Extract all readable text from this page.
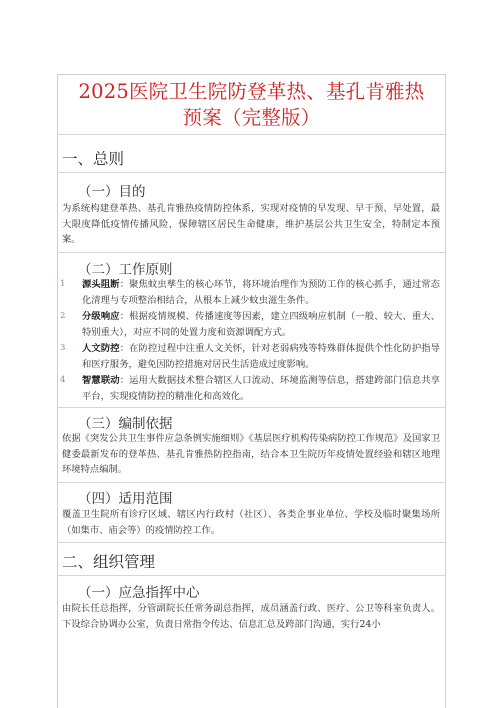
2025医院卫生院防登革热、基孔肯雅热
预案（完整版）
一、总则
（一）目的
为系统构建登革热、基孔肯雅热疫情防控体系，实现对疫情的早发现、早干预、早处置，最大限度降低疫情传播风险，保障辖区居民生命健康，维护基层公共卫生安全，特制定本预案。
（二）工作原则
1	源头阻断：聚焦蚊虫孳生的核心环节，将环境治理作为预防工作的核心抓手，通过常态化清理与专项整治相结合，从根本上减少蚊虫滋生条件。
2	分级响应：根据疫情规模、传播速度等因素，建立四级响应机制（一般、较大、重大、特别重大），对应不同的处置力度和资源调配方式。
3	人文防控：在防控过程中注重人文关怀，针对老弱病残等特殊群体提供个性化防护指导和医疗服务，避免因防控措施对居民生活造成过度影响。
4	智慧联动：运用大数据技术整合辖区人口流动、环境监测等信息，搭建跨部门信息共享平台，实现疫情防控的精准化和高效化。
（三）编制依据
依据《突发公共卫生事件应急条例实施细则》《基层医疗机构传染病防控工作规范》及国家卫健委最新发布的登革热、基孔肯雅热防控指南，结合本卫生院历年疫情处置经验和辖区地理环境特点编制。
（四）适用范围
覆盖卫生院所有诊疗区域、辖区内行政村（社区）、各类企事业单位、学校及临时聚集场所（如集市、庙会等）的疫情防控工作。
二、组织管理
（一）应急指挥中心
由院长任总指挥，分管副院长任常务副总指挥，成员涵盖行政、医疗、公卫等科室负责人。下设综合协调办公室，负责日常指令传达、信息汇总及跨部门沟通，实行24小
